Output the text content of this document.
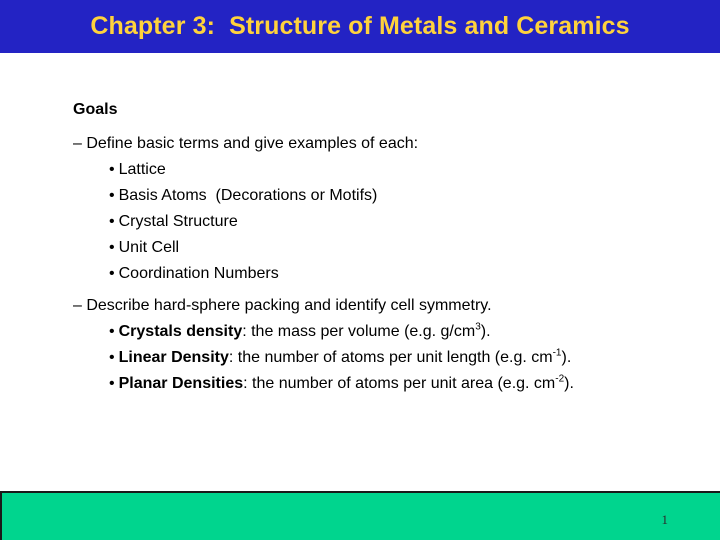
Chapter 3:  Structure of Metals and Ceramics
Goals
– Define basic terms and give examples of each:
• Lattice
• Basis Atoms  (Decorations or Motifs)
• Crystal Structure
• Unit Cell
• Coordination Numbers
– Describe hard-sphere packing and identify cell symmetry.
• Crystals density: the mass per volume (e.g. $g/cm^3$).
• Linear Density: the number of atoms per unit length (e.g. $cm^{-1}$).
• Planar Densities: the number of atoms per unit area (e.g. $cm^{-2}$).
1
